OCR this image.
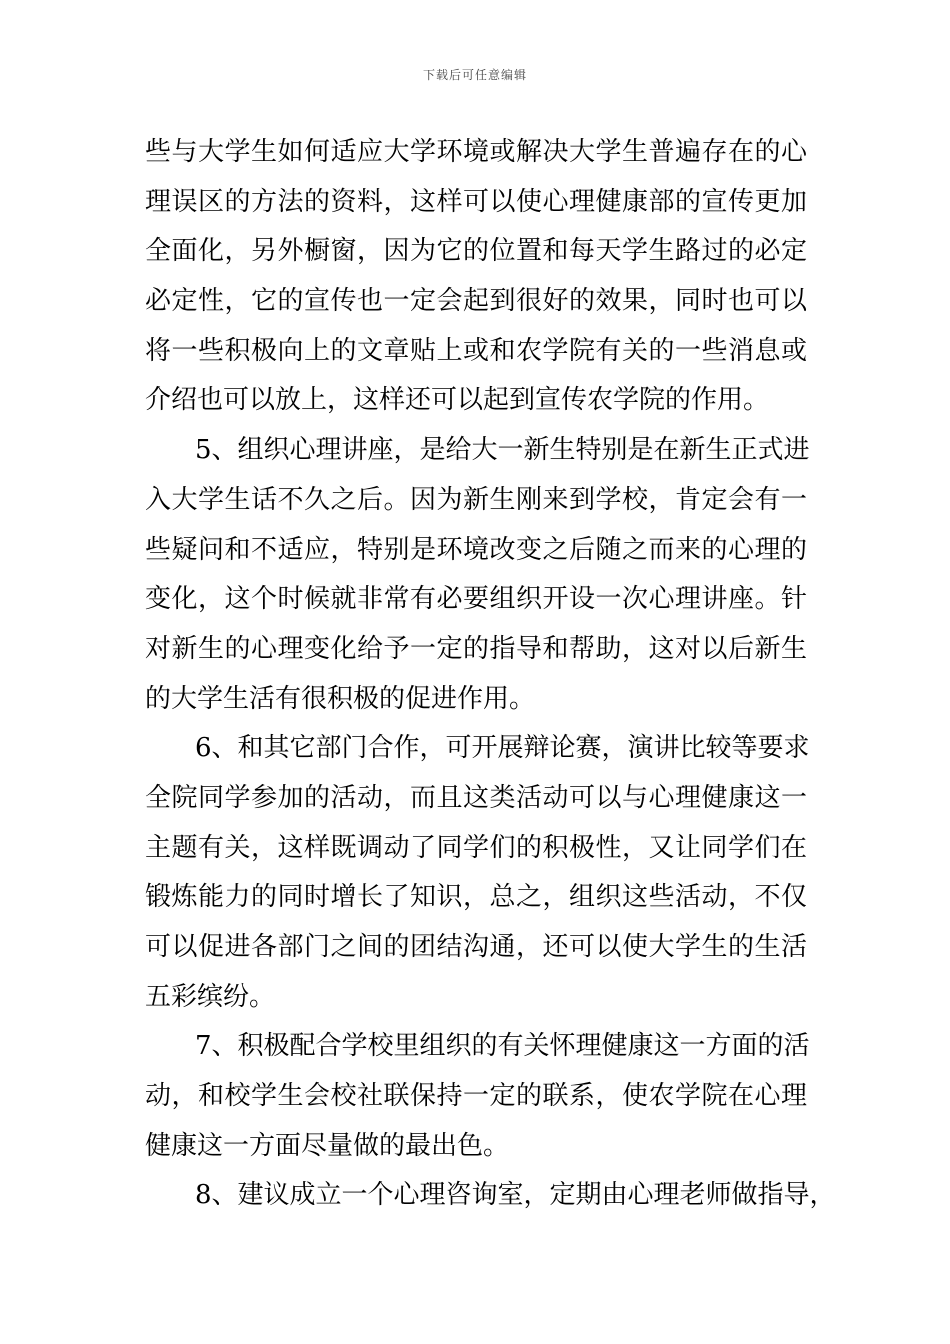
下载后可任意编辑
些与大学生如何适应大学环境或解决大学生普遍存在的心
理误区的方法的资料，这样可以使心理健康部的宣传更加
全面化，另外橱窗，因为它的位置和每天学生路过的必定
必定性，它的宣传也一定会起到很好的效果，同时也可以
将一些积极向上的文章贴上或和农学院有关的一些消息或
介绍也可以放上，这样还可以起到宣传农学院的作用。
5、组织心理讲座，是给大一新生特别是在新生正式进
入大学生话不久之后。因为新生刚来到学校，肯定会有一
些疑问和不适应，特别是环境改变之后随之而来的心理的
变化，这个时候就非常有必要组织开设一次心理讲座。针
对新生的心理变化给予一定的指导和帮助，这对以后新生
的大学生活有很积极的促进作用。
6、和其它部门合作，可开展辩论赛，演讲比较等要求
全院同学参加的活动，而且这类活动可以与心理健康这一
主题有关，这样既调动了同学们的积极性，又让同学们在
锻炼能力的同时增长了知识，总之，组织这些活动，不仅
可以促进各部门之间的团结沟通，还可以使大学生的生活
五彩缤纷。
7、积极配合学校里组织的有关怀理健康这一方面的活
动，和校学生会校社联保持一定的联系，使农学院在心理
健康这一方面尽量做的最出色。
8、建议成立一个心理咨询室，定期由心理老师做指导，
